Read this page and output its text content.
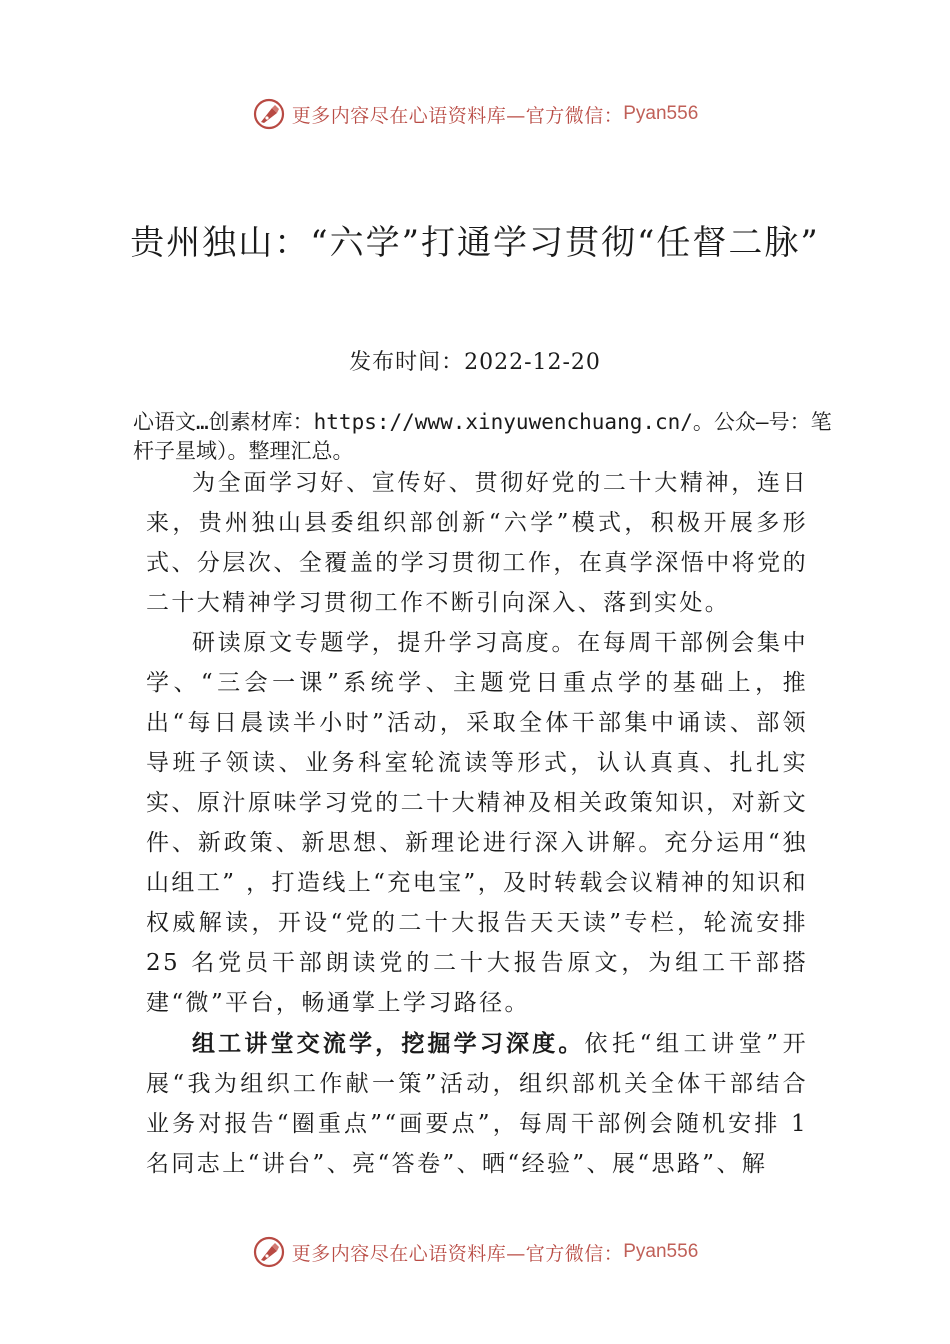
更多内容尽在心语资料库—官方微信： Pyan556
贵州独山：“六学”打通学习贯彻“任督二脉”
发布时间：2022-12-20

心语文…创素材库：https://www.xinyuwenchuang.cn/。公众—号：笔杆子星域）。整理汇总。

为全面学习好、宣传好、贯彻好党的二十大精神，连日来，贵州独山县委组织部创新“六学”模式，积极开展多形式、分层次、全覆盖的学习贯彻工作，在真学深悟中将党的二十大精神学习贯彻工作不断引向深入、落到实处。

研读原文专题学，提升学习高度。在每周干部例会集中学、“三会一课”系统学、主题党日重点学的基础上，推出“每日晨读半小时”活动，采取全体干部集中诵读、部领导班子领读、业务科室轮流读等形式，认认真真、扎扎实实、原汁原味学习党的二十大精神及相关政策知识，对新文件、新政策、新思想、新理论进行深入讲解。充分运用“独山组工” ，打造线上“充电宝”，及时转载会议精神的知识和权威解读，开设“党的二十大报告天天读”专栏，轮流安排 25 名党员干部朗读党的二十大报告原文，为组工干部搭建“微”平台，畅通掌上学习路径。

组工讲堂交流学，挖掘学习深度。依托“组工讲堂”开展“我为组织工作献一策”活动，组织部机关全体干部结合业务对报告“圈重点”“画要点”，每周干部例会随机安排 1 名同志上“讲台”、亮“答卷”、晒“经验”、展“思路”、解

更多内容尽在心语资料库—官方微信： Pyan556
